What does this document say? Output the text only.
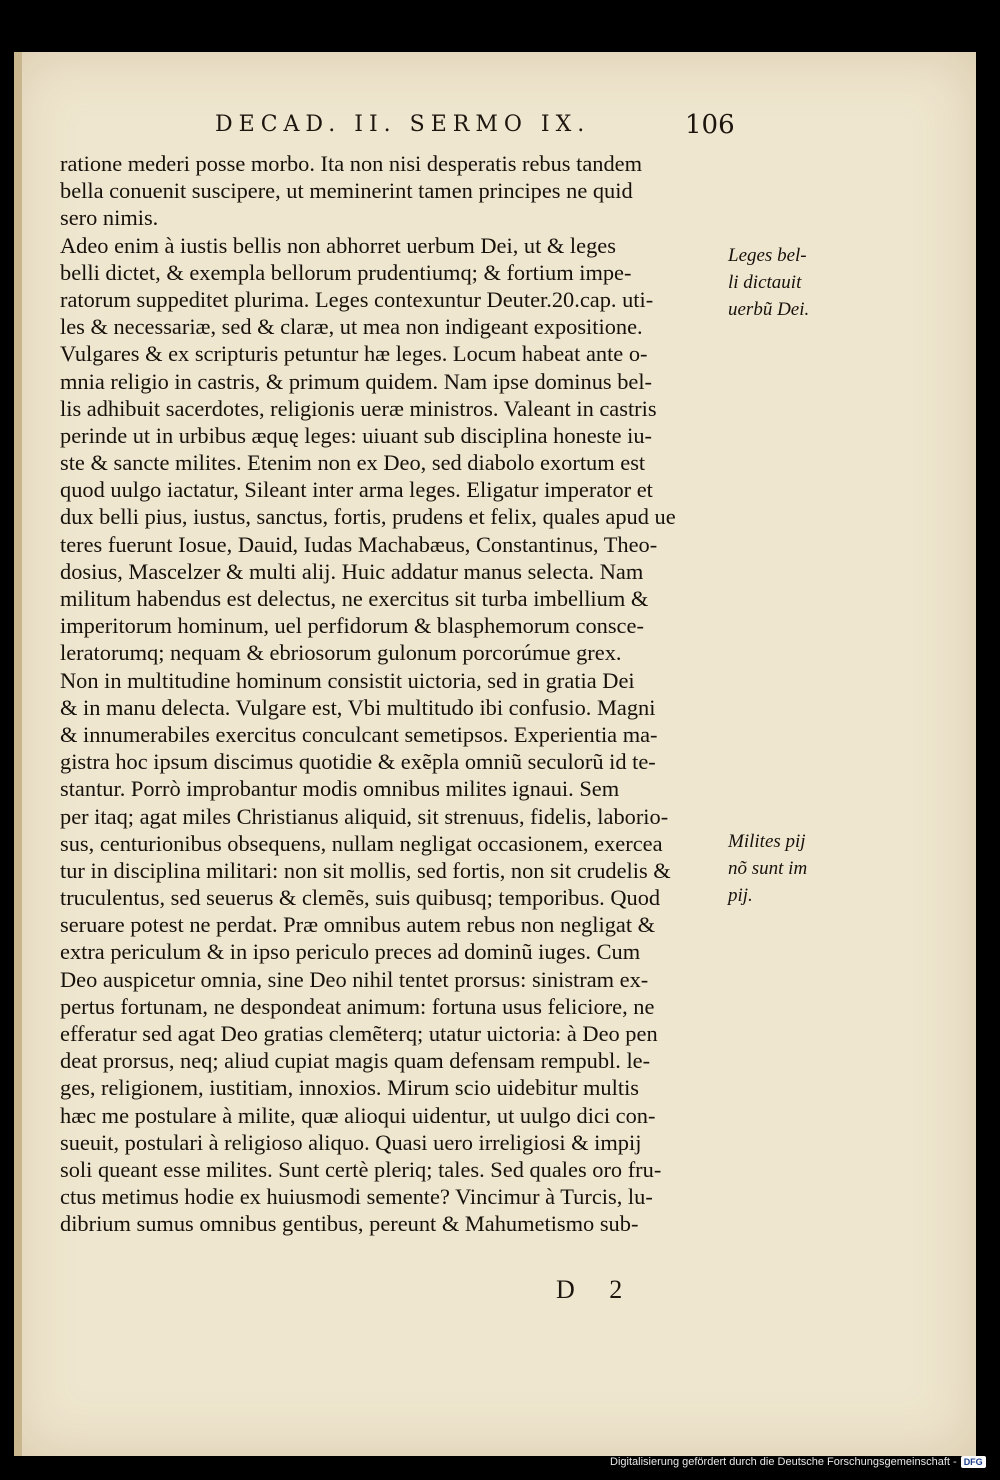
DECAD. II. SERMO IX.	106
ratione mederi posse morbo. Ita non nisi desperatis rebus tandem
bella conuenit suscipere, ut meminerint tamen principes ne quid
sero nimis.
Adeo enim à iustis bellis non abhorret uerbum Dei, ut & leges
belli dictet, & exempla bellorum prudentiumq; & fortium impe-
ratorum suppeditet plurima. Leges contexuntur Deuter.20.cap. uti-
les & necessariæ, sed & claræ, ut mea non indigeant expositione.
Vulgares & ex scripturis petuntur hæ leges. Locum habeat ante o-
mnia religio in castris, & primum quidem. Nam ipse dominus bel-
lis adhibuit sacerdotes, religionis ueræ ministros. Valeant in castris
perinde ut in urbibus æquę leges: uiuant sub disciplina honeste iu-
ste & sancte milites. Etenim non ex Deo, sed diabolo exortum est
quod uulgo iactatur, Sileant inter arma leges. Eligatur imperator et
dux belli pius, iustus, sanctus, fortis, prudens et felix, quales apud ue
teres fuerunt Iosue, Dauid, Iudas Machabæus, Constantinus, Theo-
dosius, Mascelzer & multi alij. Huic addatur manus selecta. Nam
militum habendus est delectus, ne exercitus sit turba imbellium &
imperitorum hominum, uel perfidorum & blasphemorum consce-
leratorumq; nequam & ebriosorum gulonum porcorúmue grex.
Non in multitudine hominum consistit uictoria, sed in gratia Dei
& in manu delecta. Vulgare est, Vbi multitudo ibi confusio. Magni
& innumerabiles exercitus conculcant semetipsos. Experientia ma-
gistra hoc ipsum discimus quotidie & exẽpla omniũ seculorũ id te-
stantur. Porrò improbantur modis omnibus milites ignaui. Sem
per itaq; agat miles Christianus aliquid, sit strenuus, fidelis, laborio-
sus, centurionibus obsequens, nullam negligat occasionem, exercea
tur in disciplina militari: non sit mollis, sed fortis, non sit crudelis &
truculentus, sed seuerus & clemẽs, suis quibusq; temporibus. Quod
seruare potest ne perdat. Præ omnibus autem rebus non negligat &
extra periculum & in ipso periculo preces ad dominũ iuges. Cum
Deo auspicetur omnia, sine Deo nihil tentet prorsus: sinistram ex-
pertus fortunam, ne despondeat animum: fortuna usus feliciore, ne
efferatur sed agat Deo gratias clemẽterq; utatur uictoria: à Deo pen
deat prorsus, neq; aliud cupiat magis quam defensam rempubl. le-
ges, religionem, iustitiam, innoxios. Mirum scio uidebitur multis
hæc me postulare à milite, quæ alioqui uidentur, ut uulgo dici con-
sueuit, postulari à religioso aliquo. Quasi uero irreligiosi & impij
soli queant esse milites. Sunt certè pleriq; tales. Sed quales oro fru-
ctus metimus hodie ex huiusmodi semente? Vincimur à Turcis, lu-
dibrium sumus omnibus gentibus, pereunt & Mahumetismo sub-
Leges bel-
li dictauit
uerbũ Dei.
Milites pij
nõ sunt im
pij.
D 2
Digitalisierung gefördert durch die Deutsche Forschungsgemeinschaft - DFG
